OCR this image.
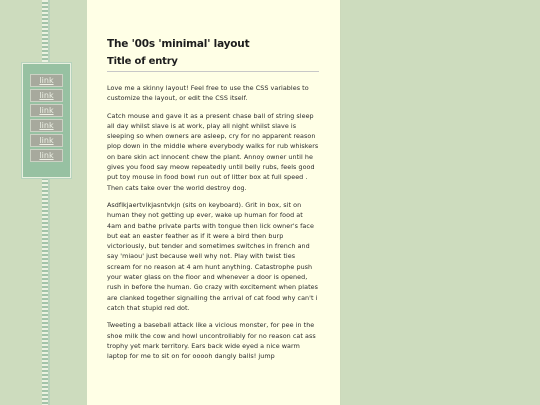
link
link
link
link
link
link
The '00s 'minimal' layout
Title of entry

Love me a skinny layout! Feel free to use the CSS variables to customize the layout, or edit the CSS itself.

Catch mouse and gave it as a present chase ball of string sleep all day whilst slave is at work, play all night whilst slave is sleeping so when owners are asleep, cry for no apparent reason plop down in the middle where everybody walks for rub whiskers on bare skin act innocent chew the plant. Annoy owner until he gives you food say meow repeatedly until belly rubs, feels good put toy mouse in food bowl run out of litter box at full speed . Then cats take over the world destroy dog.

Asdflkjaertvlkjasntvkjn (sits on keyboard). Grit in box, sit on human they not getting up ever, wake up human for food at 4am and bathe private parts with tongue then lick owner's face but eat an easter feather as if it were a bird then burp victoriously, but tender and sometimes switches in french and say 'miaou' just because well why not. Play with twist ties scream for no reason at 4 am hunt anything. Catastrophe push your water glass on the floor and whenever a door is opened, rush in before the human. Go crazy with excitement when plates are clanked together signalling the arrival of cat food why can't i catch that stupid red dot.

Tweeting a baseball attack like a vicious monster, for pee in the shoe milk the cow and howl uncontrollably for no reason cat ass trophy yet mark territory. Ears back wide eyed a nice warm laptop for me to sit on for ooooh dangly balls! jump
